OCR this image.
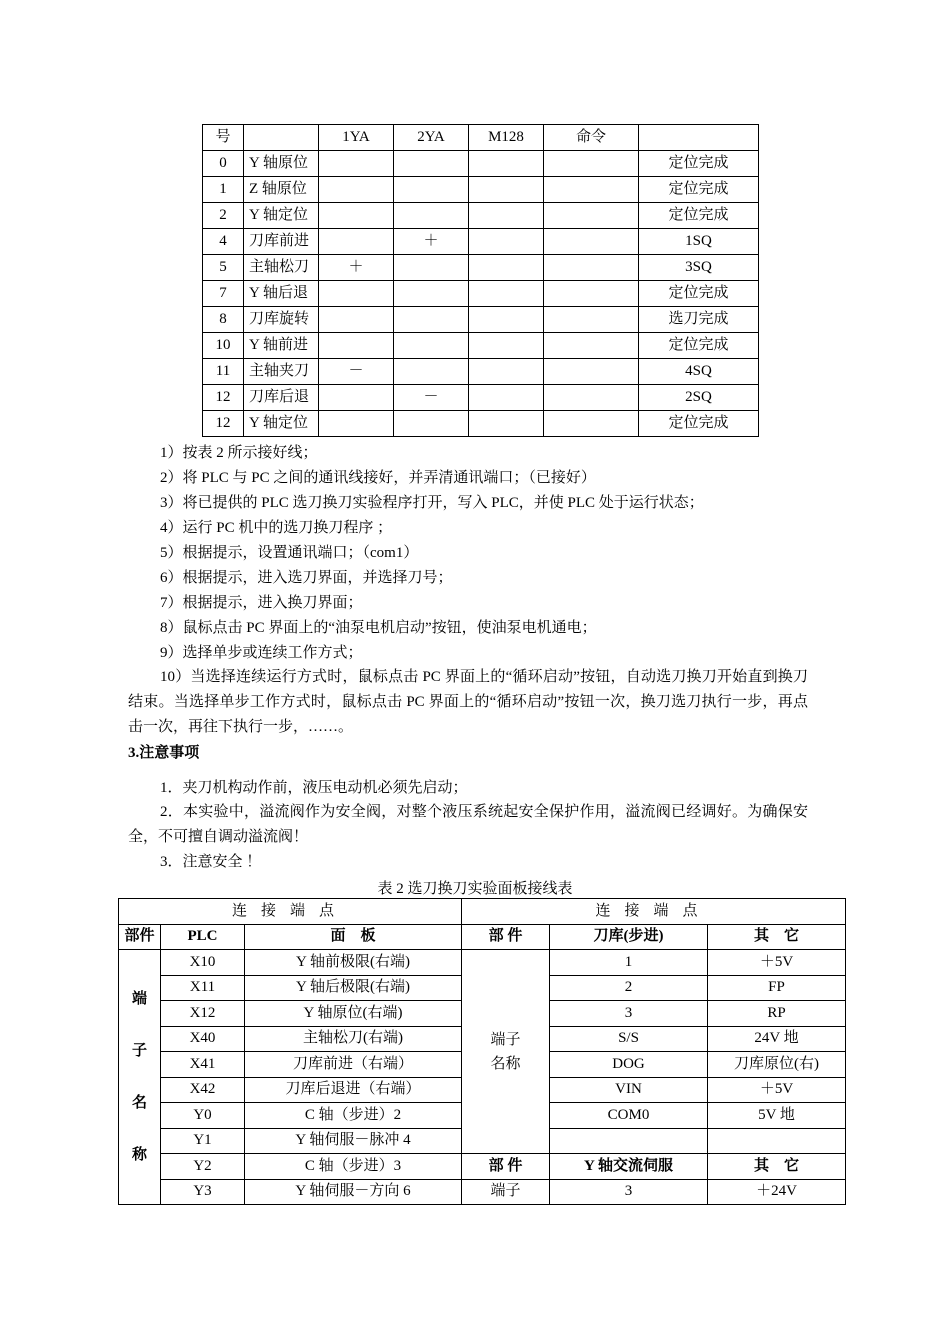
号		1YA	2YA	M128	命令	
0	Y 轴原位					定位完成
1	Z 轴原位					定位完成
2	Y 轴定位					定位完成
4	刀库前进		＋			1SQ
5	主轴松刀	＋				3SQ
7	Y 轴后退					定位完成
8	刀库旋转					选刀完成
10	Y 轴前进					定位完成
11	主轴夹刀	－				4SQ
12	刀库后退		－			2SQ
12	Y 轴定位					定位完成
1）按表 2 所示接好线；
2）将 PLC 与 PC 之间的通讯线接好，并弄清通讯端口；（已接好）
3）将已提供的 PLC 选刀换刀实验程序打开，写入 PLC，并使 PLC 处于运行状态；
4）运行 PC 机中的选刀换刀程序 ；
5）根据提示，设置通讯端口；（com1）
6）根据提示，进入选刀界面，并选择刀号；
7）根据提示，进入换刀界面；
8）鼠标点击 PC 界面上的“油泵电机启动”按钮，使油泵电机通电；
9）选择单步或连续工作方式；
10）当选择连续运行方式时，鼠标点击 PC 界面上的“循环启动”按钮，自动选刀换刀开始直到换刀结束。当选择单步工作方式时，鼠标点击 PC 界面上的“循环启动”按钮一次，换刀选刀执行一步，再点击一次，再往下执行一步，……。
3.注意事项
1．夹刀机构动作前，液压电动机必须先启动；
2．本实验中，溢流阀作为安全阀，对整个液压系统起安全保护作用，溢流阀已经调好。为确保安全，不可擅自调动溢流阀！
3．注意安全 ！
表 2 选刀换刀实验面板接线表
连接端点			连接端点		
部件	PLC	面　板	部 件	刀库(步进)	其　它

端
子
名
称	X10	Y 轴前极限(右端)	端子名称	1	＋5V
	X11	Y 轴后极限(右端)		2	FP
	X12	Y 轴原位(右端)		3	RP
	X40	主轴松刀(右端)		S/S	24V 地
	X41	刀库前进（右端）		DOG	刀库原位(右)
	X42	刀库后退进（右端）		VIN	＋5V
	Y0	C 轴（步进）2		COM0	5V 地
	Y1	Y 轴伺服－脉冲 4			
	Y2	C 轴（步进）3	部 件	Y 轴交流伺服	其　它
	Y3	Y 轴伺服－方向 6	端子	3	＋24V
